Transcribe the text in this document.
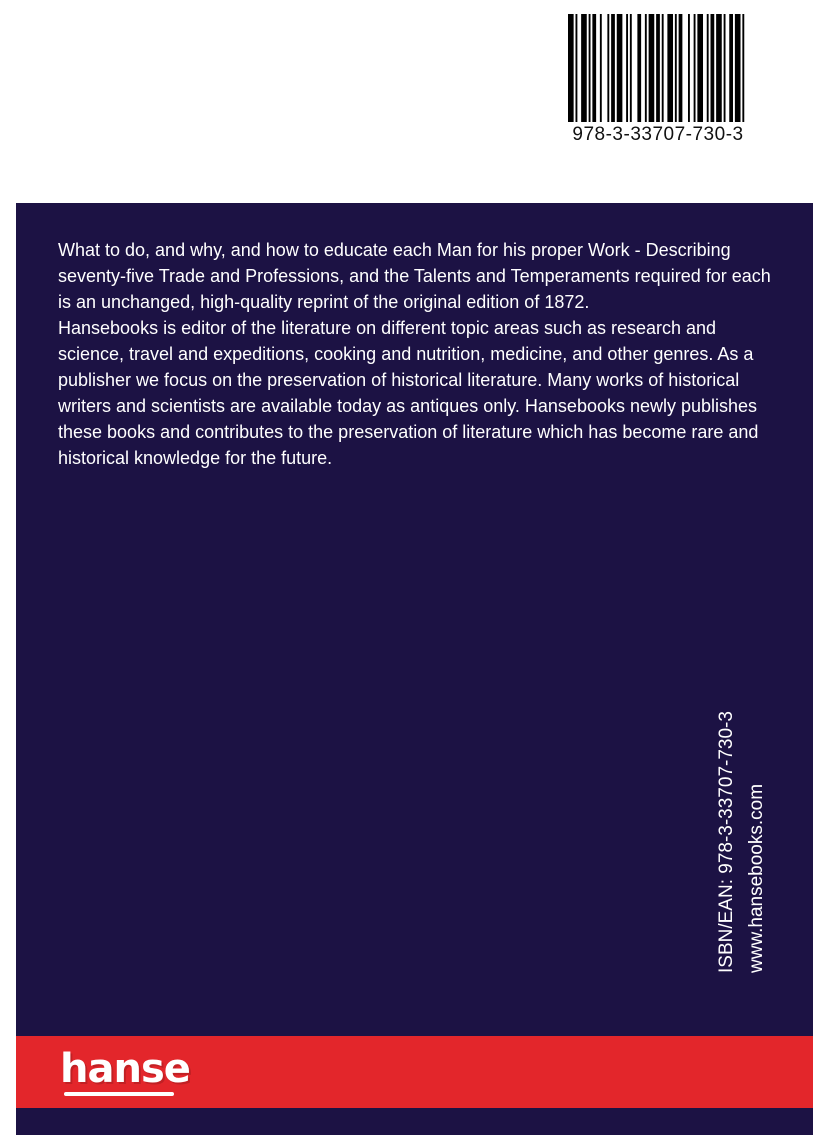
978-3-33707-730-3

What to do, and why, and how to educate each Man for his proper Work - Describing seventy-five Trade and Professions, and the Talents and Temperaments required for each is an unchanged, high-quality reprint of the original edition of 1872.

Hansebooks is editor of the literature on different topic areas such as research and science, travel and expeditions, cooking and nutrition, medicine, and other genres. As a publisher we focus on the preservation of historical literature. Many works of historical writers and scientists are available today as antiques only. Hansebooks newly publishes these books and contributes to the preservation of literature which has become rare and historical knowledge for the future.

ISBN/EAN: 978-3-33707-730-3 www.hansebooks.com
hanse
